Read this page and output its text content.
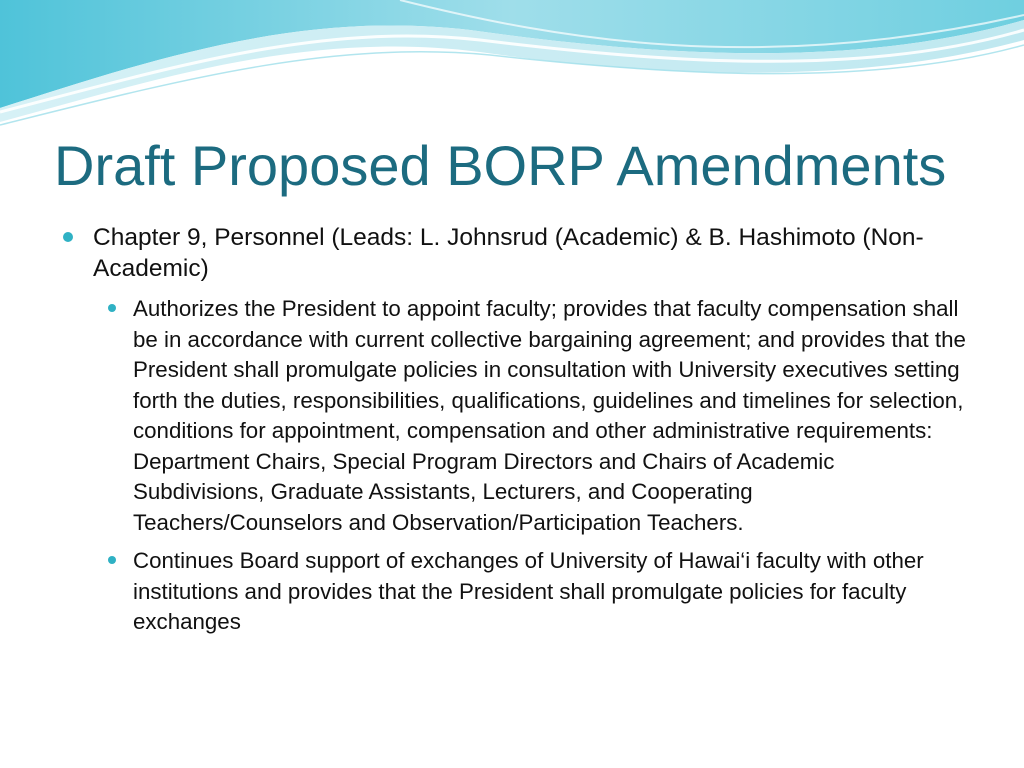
Draft Proposed BORP Amendments
Chapter 9, Personnel (Leads: L. Johnsrud (Academic) & B. Hashimoto (Non-Academic)
Authorizes the President to appoint faculty; provides that faculty compensation shall be in accordance with current collective bargaining agreement; and provides that the President shall promulgate policies in consultation with University executives setting forth the duties, responsibilities, qualifications, guidelines and timelines for selection, conditions for appointment, compensation and other administrative requirements: Department Chairs, Special Program Directors and Chairs of Academic Subdivisions, Graduate Assistants, Lecturers, and Cooperating Teachers/Counselors and Observation/Participation Teachers.
Continues Board support of exchanges of University of Hawai‘i faculty with other institutions and provides that the President shall promulgate policies for faculty exchanges
